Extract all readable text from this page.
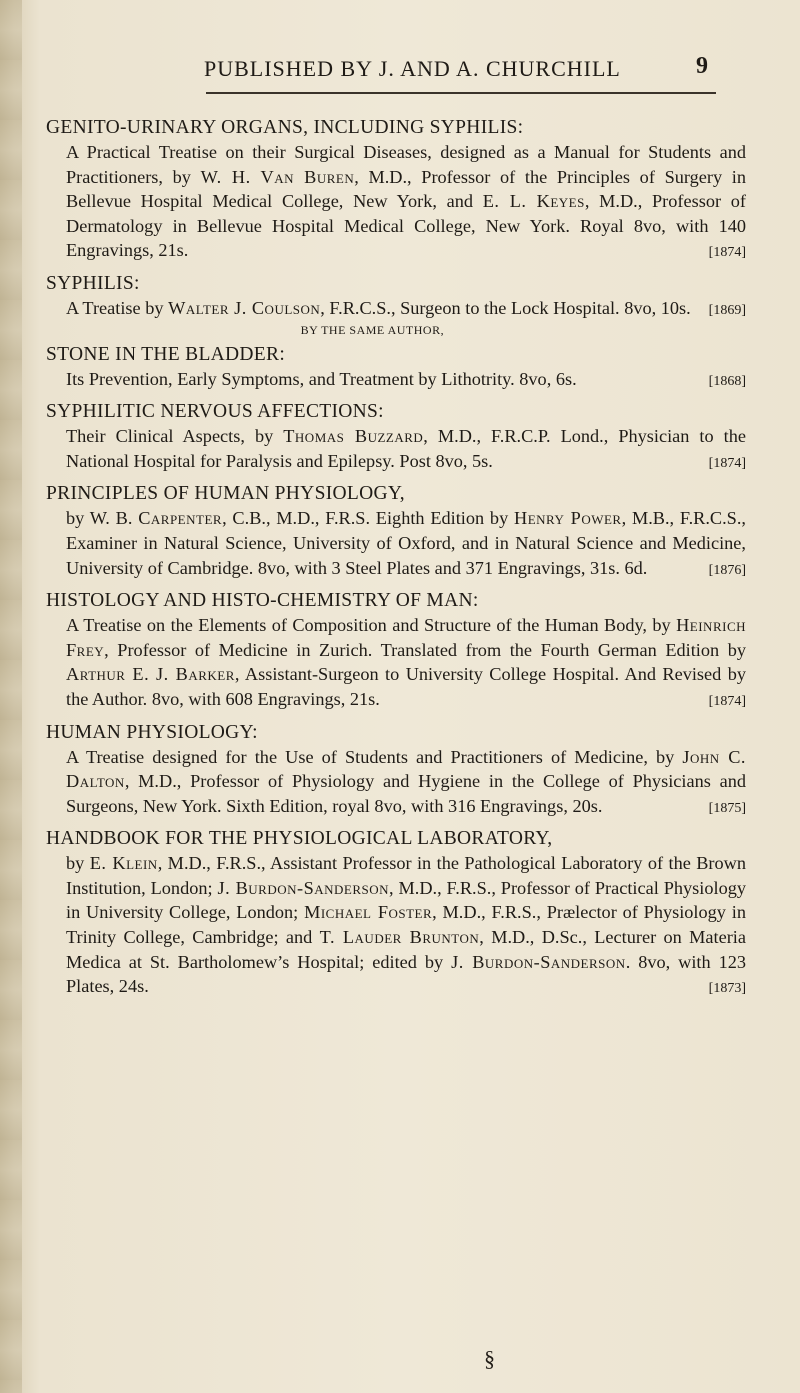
PUBLISHED BY J. AND A. CHURCHILL	9

GENITO-URINARY ORGANS, INCLUDING SYPHILIS:

A Practical Treatise on their Surgical Diseases, designed as a Manual for Students and Practitioners, by W. H. Van Buren, M.D., Professor of the Principles of Surgery in Bellevue Hospital Medical College, New York, and E. L. Keyes, M.D., Professor of Dermatology in Bellevue Hospital Medical College, New York. Royal 8vo, with 140 Engravings, 21s.	[1874]

SYPHILIS:

A Treatise by Walter J. Coulson, F.R.C.S., Surgeon to the Lock Hospital. 8vo, 10s. [1869]

BY THE SAME AUTHOR,

STONE IN THE BLADDER:

Its Prevention, Early Symptoms, and Treatment by Lithotrity. 8vo, 6s.	[1868]

SYPHILITIC NERVOUS AFFECTIONS:

Their Clinical Aspects, by Thomas Buzzard, M.D., F.R.C.P. Lond., Physician to the National Hospital for Paralysis and Epilepsy. Post 8vo, 5s.	[1874]

PRINCIPLES OF HUMAN PHYSIOLOGY,

by W. B. Carpenter, C.B., M.D., F.R.S. Eighth Edition by Henry Power, M.B., F.R.C.S., Examiner in Natural Science, University of Oxford, and in Natural Science and Medicine, University of Cambridge. 8vo, with 3 Steel Plates and 371 Engravings, 31s. 6d.	[1876]

HISTOLOGY AND HISTO-CHEMISTRY OF MAN:

A Treatise on the Elements of Composition and Structure of the Human Body, by Heinrich Frey, Professor of Medicine in Zurich. Translated from the Fourth German Edition by Arthur E. J. Barker, Assistant-Surgeon to University College Hospital. And Revised by the Author. 8vo, with 608 Engravings, 21s.	[1874]

HUMAN PHYSIOLOGY:

A Treatise designed for the Use of Students and Practitioners of Medicine, by John C. Dalton, M.D., Professor of Physiology and Hygiene in the College of Physicians and Surgeons, New York. Sixth Edition, royal 8vo, with 316 Engravings, 20s.	[1875]

HANDBOOK FOR THE PHYSIOLOGICAL LABORATORY,

by E. Klein, M.D., F.R.S., Assistant Professor in the Pathological Laboratory of the Brown Institution, London; J. Burdon-Sanderson, M.D., F.R.S., Professor of Practical Physiology in University College, London; Michael Foster, M.D., F.R.S., Prælector of Physiology in Trinity College, Cambridge; and T. Lauder Brunton, M.D., D.Sc., Lecturer on Materia Medica at St. Bartholomew’s Hospital; edited by J. Burdon-Sanderson. 8vo, with 123 Plates, 24s.	[1873]

§
